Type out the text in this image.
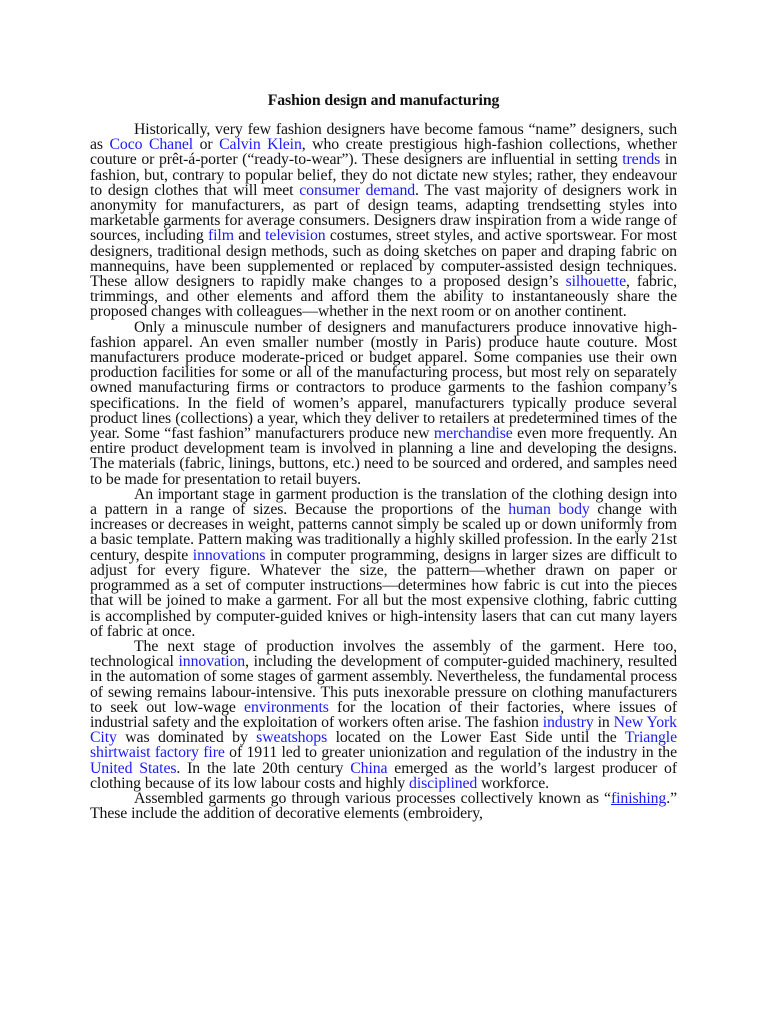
Fashion design and manufacturing

Historically, very few fashion designers have become famous “name” designers, such as Coco Chanel or Calvin Klein, who create prestigious high-fashion collections, whether couture or prêt-á-porter (“ready-to-wear”). These designers are influential in setting trends in fashion, but, contrary to popular belief, they do not dictate new styles; rather, they endeavour to design clothes that will meet consumer demand. The vast majority of designers work in anonymity for manufacturers, as part of design teams, adapting trendsetting styles into marketable garments for average consumers. Designers draw inspiration from a wide range of sources, including film and television costumes, street styles, and active sportswear. For most designers, traditional design methods, such as doing sketches on paper and draping fabric on mannequins, have been supplemented or replaced by computer-assisted design techniques. These allow designers to rapidly make changes to a proposed design’s silhouette, fabric, trimmings, and other elements and afford them the ability to instantaneously share the proposed changes with colleagues—whether in the next room or on another continent.

Only a minuscule number of designers and manufacturers produce innovative high-fashion apparel. An even smaller number (mostly in Paris) produce haute couture. Most manufacturers produce moderate-priced or budget apparel. Some companies use their own production facilities for some or all of the manufacturing process, but most rely on separately owned manufacturing firms or contractors to produce garments to the fashion company’s specifications. In the field of women’s apparel, manufacturers typically produce several product lines (collections) a year, which they deliver to retailers at predetermined times of the year. Some “fast fashion” manufacturers produce new merchandise even more frequently. An entire product development team is involved in planning a line and developing the designs. The materials (fabric, linings, buttons, etc.) need to be sourced and ordered, and samples need to be made for presentation to retail buyers.

An important stage in garment production is the translation of the clothing design into a pattern in a range of sizes. Because the proportions of the human body change with increases or decreases in weight, patterns cannot simply be scaled up or down uniformly from a basic template. Pattern making was traditionally a highly skilled profession. In the early 21st century, despite innovations in computer programming, designs in larger sizes are difficult to adjust for every figure. Whatever the size, the pattern—whether drawn on paper or programmed as a set of computer instructions—determines how fabric is cut into the pieces that will be joined to make a garment. For all but the most expensive clothing, fabric cutting is accomplished by computer-guided knives or high-intensity lasers that can cut many layers of fabric at once.

The next stage of production involves the assembly of the garment. Here too, technological innovation, including the development of computer-guided machinery, resulted in the automation of some stages of garment assembly. Nevertheless, the fundamental process of sewing remains labour-intensive. This puts inexorable pressure on clothing manufacturers to seek out low-wage environments for the location of their factories, where issues of industrial safety and the exploitation of workers often arise. The fashion industry in New York City was dominated by sweatshops located on the Lower East Side until the Triangle shirtwaist factory fire of 1911 led to greater unionization and regulation of the industry in the United States. In the late 20th century China emerged as the world’s largest producer of clothing because of its low labour costs and highly disciplined workforce.

Assembled garments go through various processes collectively known as “finishing.” These include the addition of decorative elements (embroidery,
